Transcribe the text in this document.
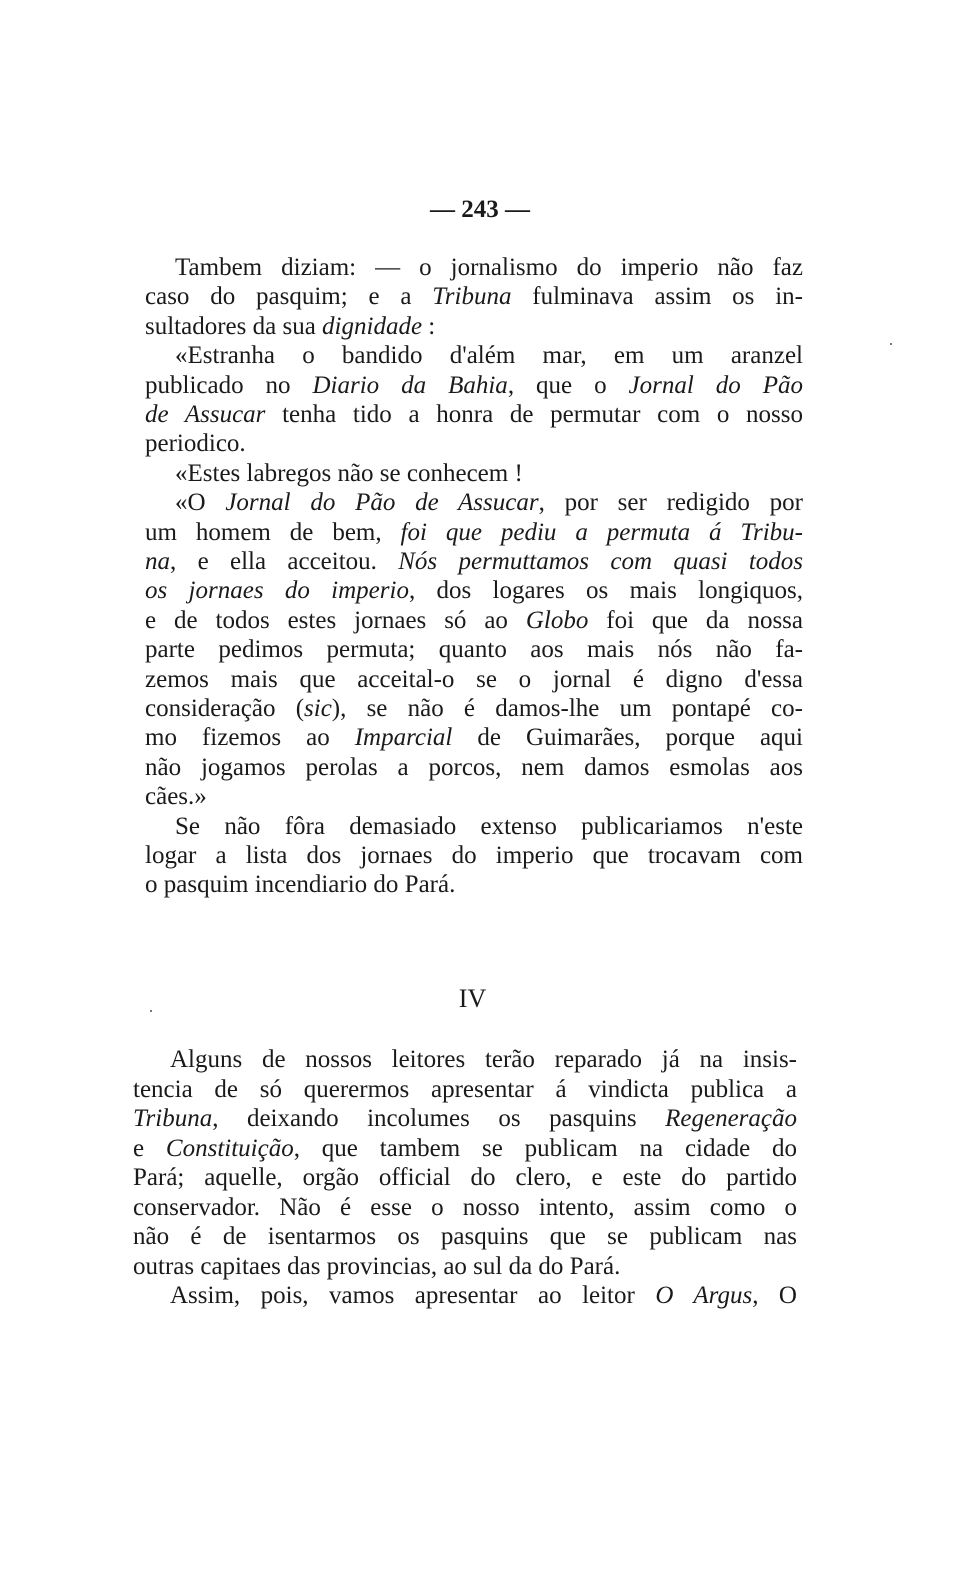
— 243 —
Tambem diziam: — o jornalismo do imperio não faz
caso do pasquim; e a Tribuna fulminava assim os in-
sultadores da sua dignidade :
«Estranha o bandido d'além mar, em um aranzel
publicado no Diario da Bahia, que o Jornal do Pão
de Assucar tenha tido a honra de permutar com o nosso
periodico.
«Estes labregos não se conhecem !
«O Jornal do Pão de Assucar, por ser redigido por
um homem de bem, foi que pediu a permuta á Tribu-
na, e ella acceitou. Nós permuttamos com quasi todos
os jornaes do imperio, dos logares os mais longiquos,
e de todos estes jornaes só ao Globo foi que da nossa
parte pedimos permuta; quanto aos mais nós não fa-
zemos mais que acceital-o se o jornal é digno d'essa
consideração (sic), se não é damos-lhe um pontapé co-
mo fizemos ao Imparcial de Guimarães, porque aqui
não jogamos perolas a porcos, nem damos esmolas aos
cães.»
Se não fôra demasiado extenso publicariamos n'este
logar a lista dos jornaes do imperio que trocavam com
o pasquim incendiario do Pará.
IV
Alguns de nossos leitores terão reparado já na insis-
tencia de só querermos apresentar á vindicta publica a
Tribuna, deixando incolumes os pasquins Regeneração
e Constituição, que tambem se publicam na cidade do
Pará; aquelle, orgão official do clero, e este do partido
conservador. Não é esse o nosso intento, assim como o
não é de isentarmos os pasquins que se publicam nas
outras capitaes das provincias, ao sul da do Pará.
Assim, pois, vamos apresentar ao leitor O Argus, O
